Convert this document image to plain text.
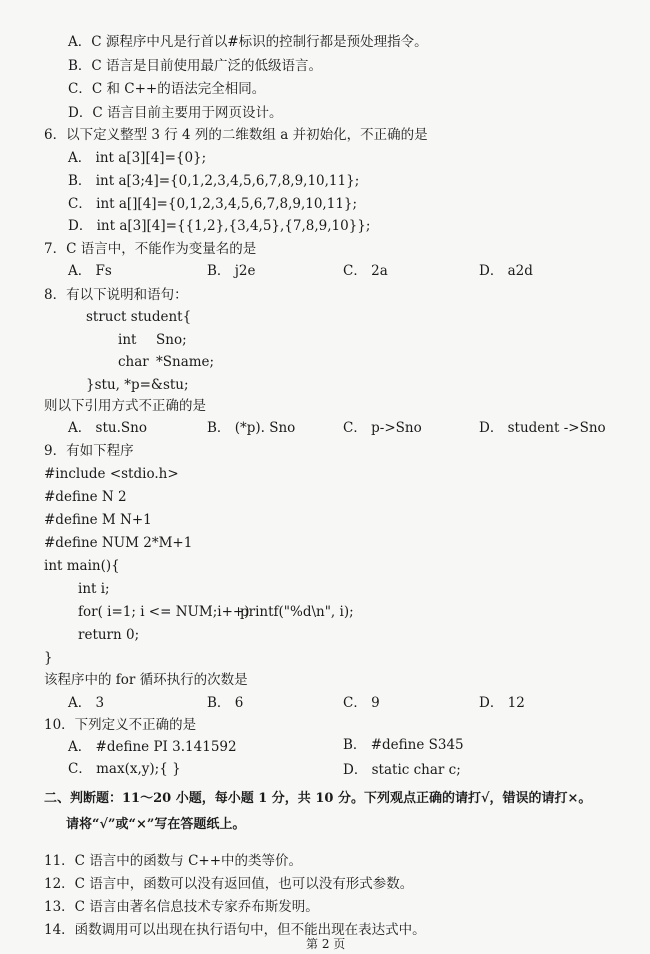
A．C 源程序中凡是行首以#标识的控制行都是预处理指令。
B．C 语言是目前使用最广泛的低级语言。
C．C 和 C++的语法完全相同。
D．C 语言目前主要用于网页设计。
6．以下定义整型 3 行 4 列的二维数组 a 并初始化，不正确的是
A． int a[3][4]={0};
B． int a[3;4]={0,1,2,3,4,5,6,7,8,9,10,11};
C． int a[][4]={0,1,2,3,4,5,6,7,8,9,10,11};
D． int a[3][4]={{1,2},{3,4,5},{7,8,9,10}};
7．C 语言中，不能作为变量名的是
A． Fs	B． j2e	C． 2a	D． a2d
8．有以下说明和语句：
struct student{
int Sno;
char *Sname;
}stu, *p=&stu;
则以下引用方式不正确的是
A． stu.Sno	B． (*p). Sno	C． p->Sno	D． student ->Sno
9．有如下程序
#include <stdio.h>
#define N 2
#define M N+1
#define NUM 2*M+1
int main(){
int i;
for( i=1; i <= NUM;i++)
printf("%d\n", i);
return 0;
}
该程序中的 for 循环执行的次数是
A． 3	B． 6	C． 9	D． 12
10．下列定义不正确的是
A． #define PI 3.141592	B． #define S345
C． max(x,y);{ }	D． static char c;
二、判断题：11～20 小题，每小题 1 分，共 10 分。下列观点正确的请打√，错误的请打×。
请将“√”或“×”写在答题纸上。
11．C 语言中的函数与 C++中的类等价。
12．C 语言中，函数可以没有返回值，也可以没有形式参数。
13．C 语言由著名信息技术专家乔布斯发明。
14．函数调用可以出现在执行语句中，但不能出现在表达式中。
第 2 页
